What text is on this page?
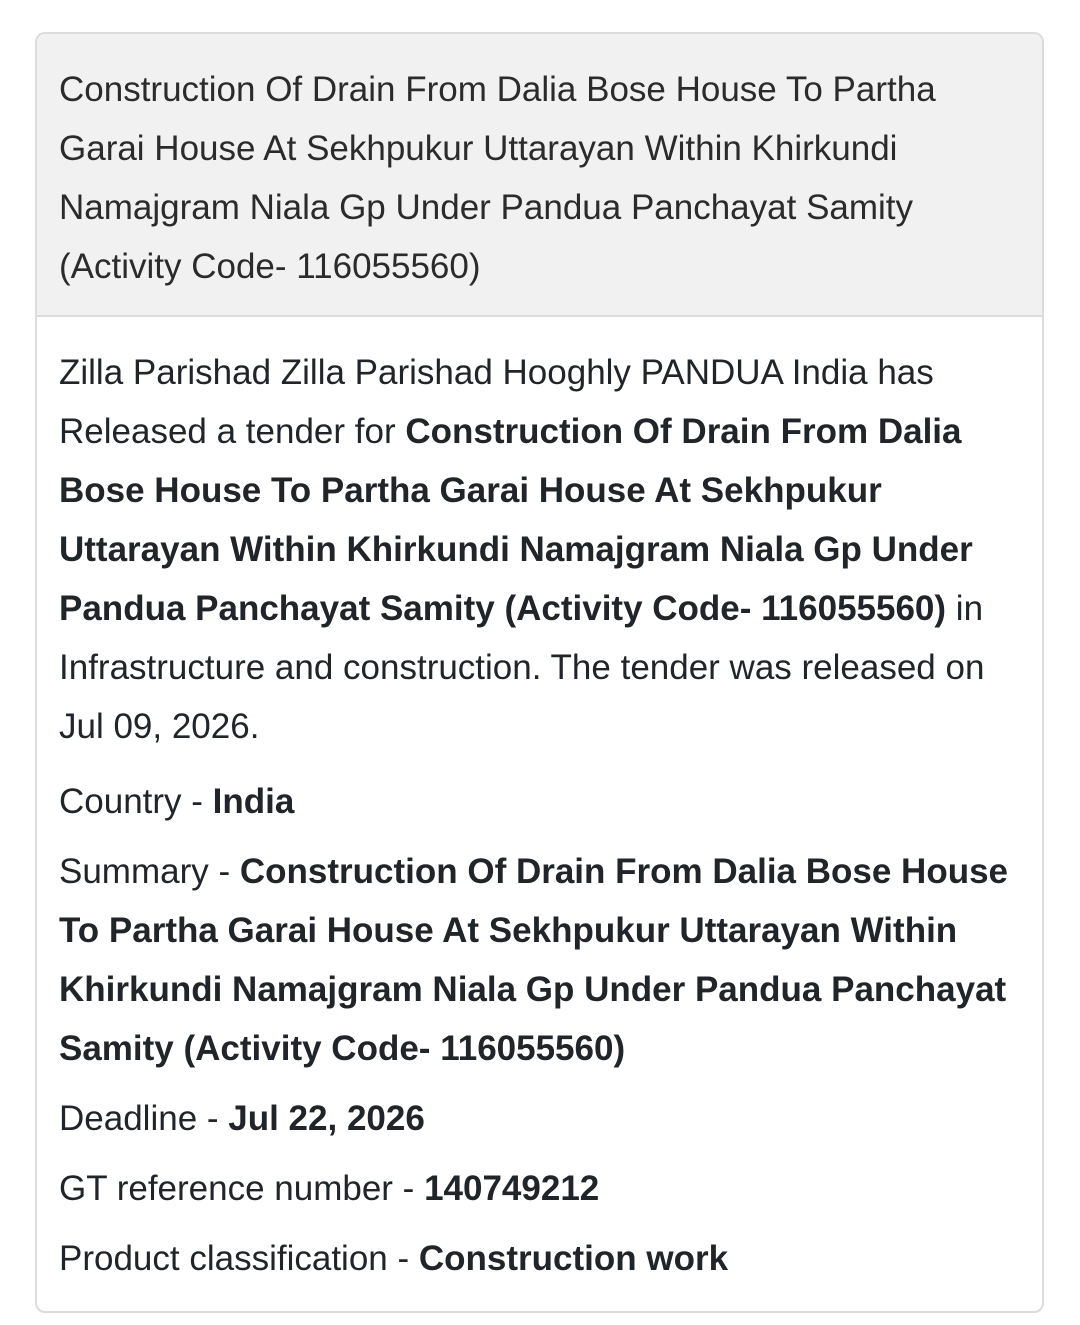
Construction Of Drain From Dalia Bose House To Partha Garai House At Sekhpukur Uttarayan Within Khirkundi Namajgram Niala Gp Under Pandua Panchayat Samity (Activity Code- 116055560)

Zilla Parishad Zilla Parishad Hooghly PANDUA India has Released a tender for Construction Of Drain From Dalia Bose House To Partha Garai House At Sekhpukur Uttarayan Within Khirkundi Namajgram Niala Gp Under Pandua Panchayat Samity (Activity Code- 116055560) in Infrastructure and construction. The tender was released on Jul 09, 2026.

Country - India

Summary - Construction Of Drain From Dalia Bose House To Partha Garai House At Sekhpukur Uttarayan Within Khirkundi Namajgram Niala Gp Under Pandua Panchayat Samity (Activity Code- 116055560)

Deadline - Jul 22, 2026

GT reference number - 140749212

Product classification - Construction work
